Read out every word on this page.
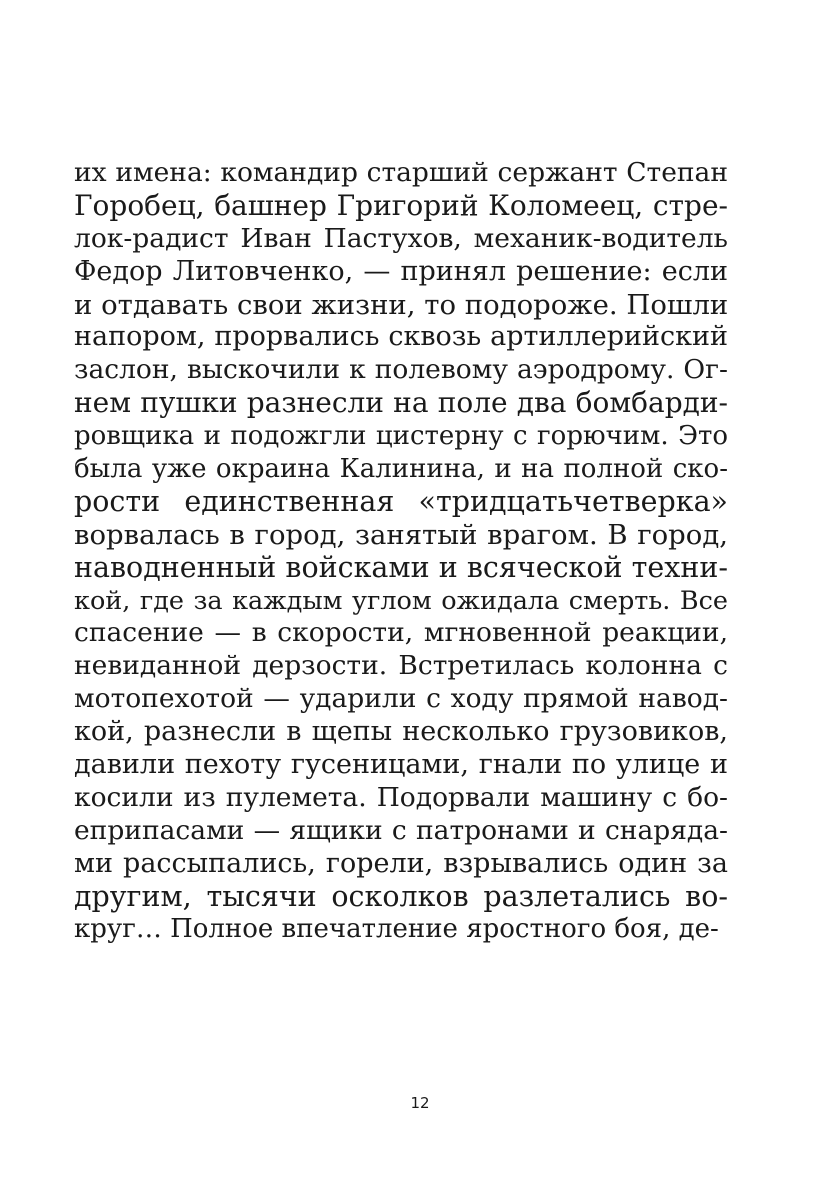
их имена: командир старший сержант Степан
Горобец, башнер Григорий Коломеец, стре-
лок-радист Иван Пастухов, механик-водитель
Федор Литовченко, — принял решение: если
и отдавать свои жизни, то подороже. Пошли
напором, прорвались сквозь артиллерийский
заслон, выскочили к полевому аэродрому. Ог-
нем пушки разнесли на поле два бомбарди-
ровщика и подожгли цистерну с горючим. Это
была уже окраина Калинина, и на полной ско-
рости единственная «тридцатьчетверка»
ворвалась в город, занятый врагом. В город,
наводненный войсками и всяческой техни-
кой, где за каждым углом ожидала смерть. Все
спасение — в скорости, мгновенной реакции,
невиданной дерзости. Встретилась колонна с
мотопехотой — ударили с ходу прямой навод-
кой, разнесли в щепы несколько грузовиков,
давили пехоту гусеницами, гнали по улице и
косили из пулемета. Подорвали машину с бо-
еприпасами — ящики с патронами и снаряда-
ми рассыпались, горели, взрывались один за
другим, тысячи осколков разлетались во-
круг… Полное впечатление яростного боя, де-
12
